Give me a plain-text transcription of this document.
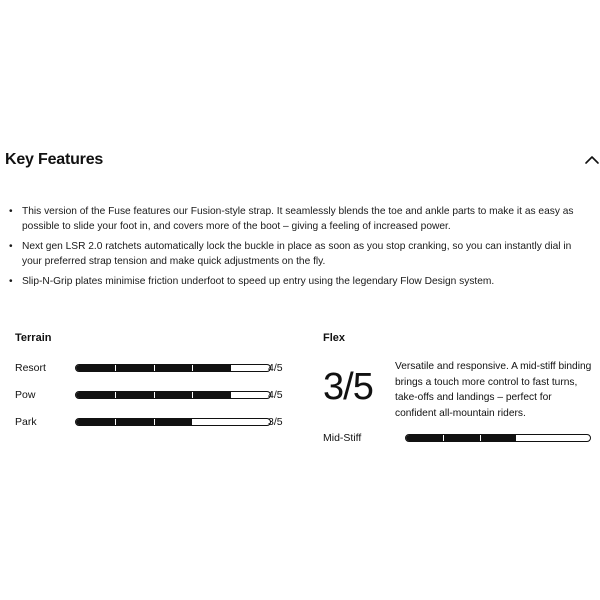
Key Features
• This version of the Fuse features our Fusion-style strap. It seamlessly blends the toe and ankle parts to make it as easy as possible to slide your foot in, and covers more of the boot – giving a feeling of increased power.
• Next gen LSR 2.0 ratchets automatically lock the buckle in place as soon as you stop cranking, so you can instantly dial in your preferred strap tension and make quick adjustments on the fly.
• Slip-N-Grip plates minimise friction underfoot to speed up entry using the legendary Flow Design system.
Terrain
Resort	4/5
Pow	4/5
Park	3/5
Flex
3/5 Versatile and responsive. A mid-stiff binding brings a touch more control to fast turns, take-offs and landings – perfect for confident all-mountain riders.
Mid-Stiff
